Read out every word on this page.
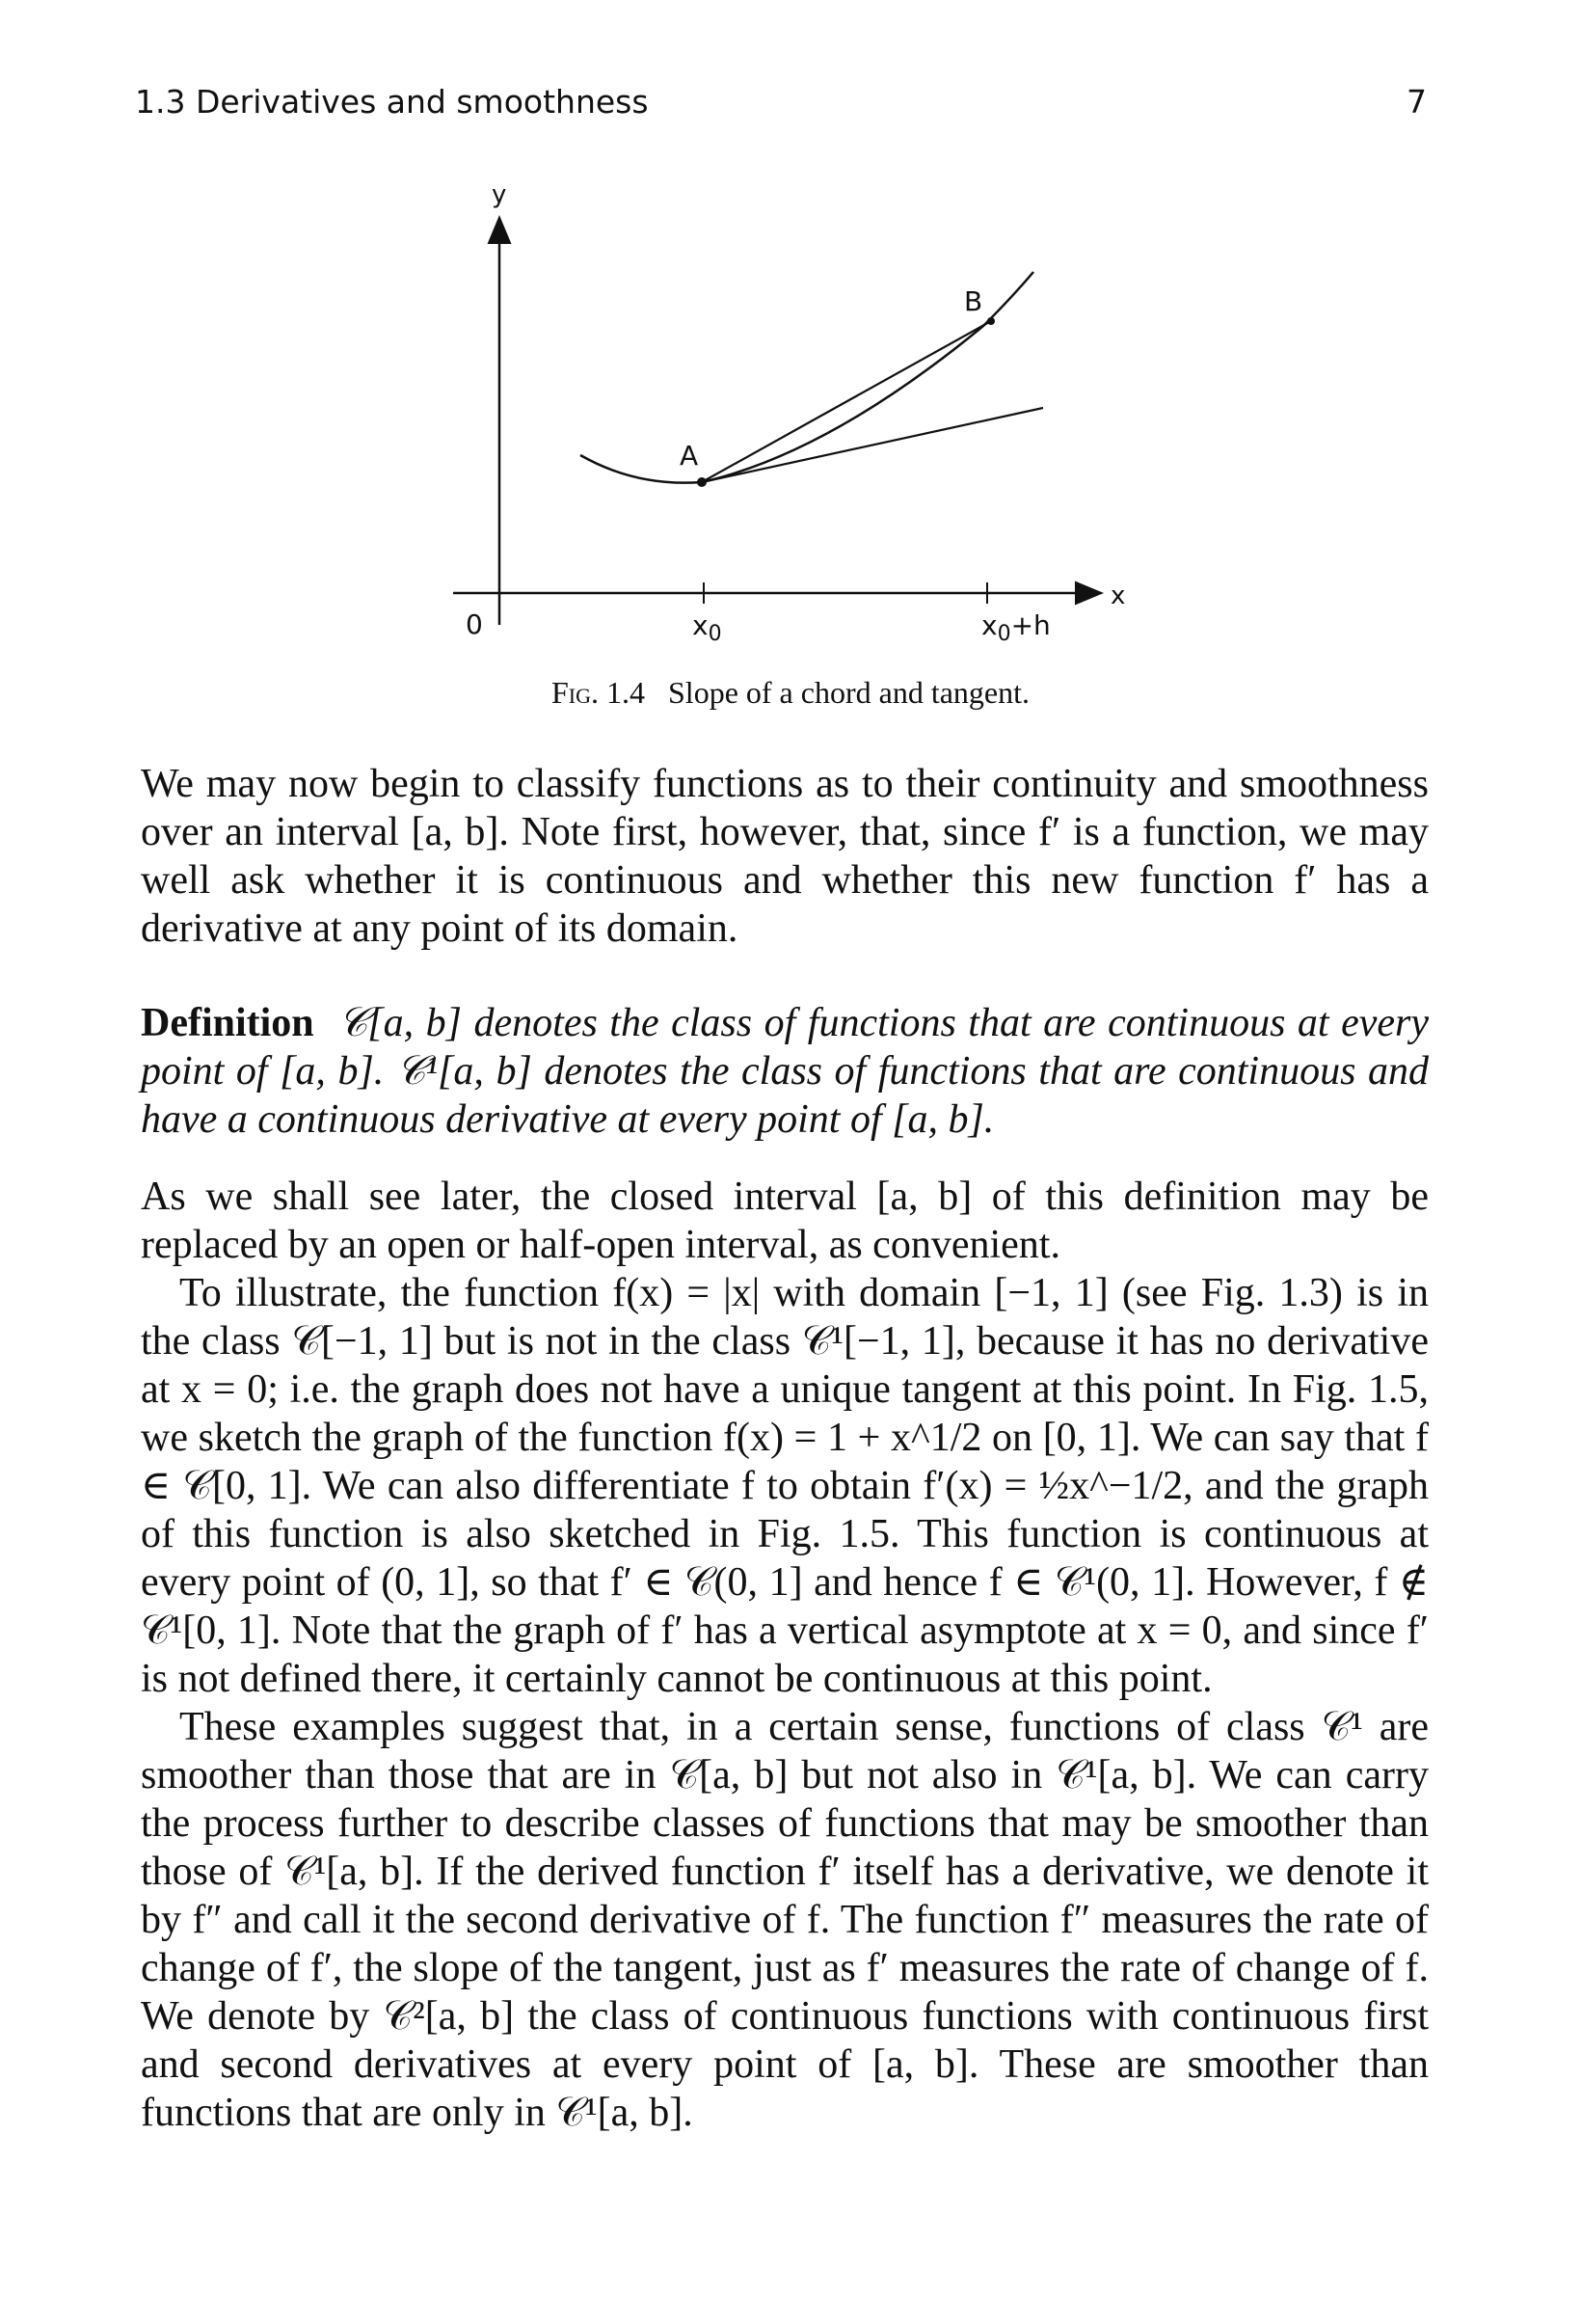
1.3 Derivatives and smoothness	7
y
x
0
A
B
$x_0$	$x_0+h$
Fig. 1.4 Slope of a chord and tangent.

We may now begin to classify functions as to their continuity and smoothness over an interval [a, b]. Note first, however, that, since f′ is a function, we may well ask whether it is continuous and whether this new function f′ has a derivative at any point of its domain.

Definition 𝒞[a, b] denotes the class of functions that are continuous at every point of [a, b]. 𝒞¹[a, b] denotes the class of functions that are continuous and have a continuous derivative at every point of [a, b].

As we shall see later, the closed interval [a, b] of this definition may be replaced by an open or half-open interval, as convenient.

To illustrate, the function f(x) = |x| with domain [−1, 1] (see Fig. 1.3) is in the class 𝒞[−1, 1] but is not in the class 𝒞¹[−1, 1], because it has no derivative at x = 0; i.e. the graph does not have a unique tangent at this point. In Fig. 1.5, we sketch the graph of the function f(x) = 1 + x^1/2 on [0, 1]. We can say that f ∈ 𝒞[0, 1]. We can also differentiate f to obtain f′(x) = ½x^−1/2, and the graph of this function is also sketched in Fig. 1.5. This function is continuous at every point of (0, 1], so that f′ ∈ 𝒞(0, 1] and hence f ∈ 𝒞¹(0, 1]. However, f ∉ 𝒞¹[0, 1]. Note that the graph of f′ has a vertical asymptote at x = 0, and since f′ is not defined there, it certainly cannot be continuous at this point.

These examples suggest that, in a certain sense, functions of class 𝒞¹ are smoother than those that are in 𝒞[a, b] but not also in 𝒞¹[a, b]. We can carry the process further to describe classes of functions that may be smoother than those of 𝒞¹[a, b]. If the derived function f′ itself has a derivative, we denote it by f″ and call it the second derivative of f. The function f″ measures the rate of change of f′, the slope of the tangent, just as f′ measures the rate of change of f. We denote by 𝒞²[a, b] the class of continuous functions with continuous first and second derivatives at every point of [a, b]. These are smoother than functions that are only in 𝒞¹[a, b].
